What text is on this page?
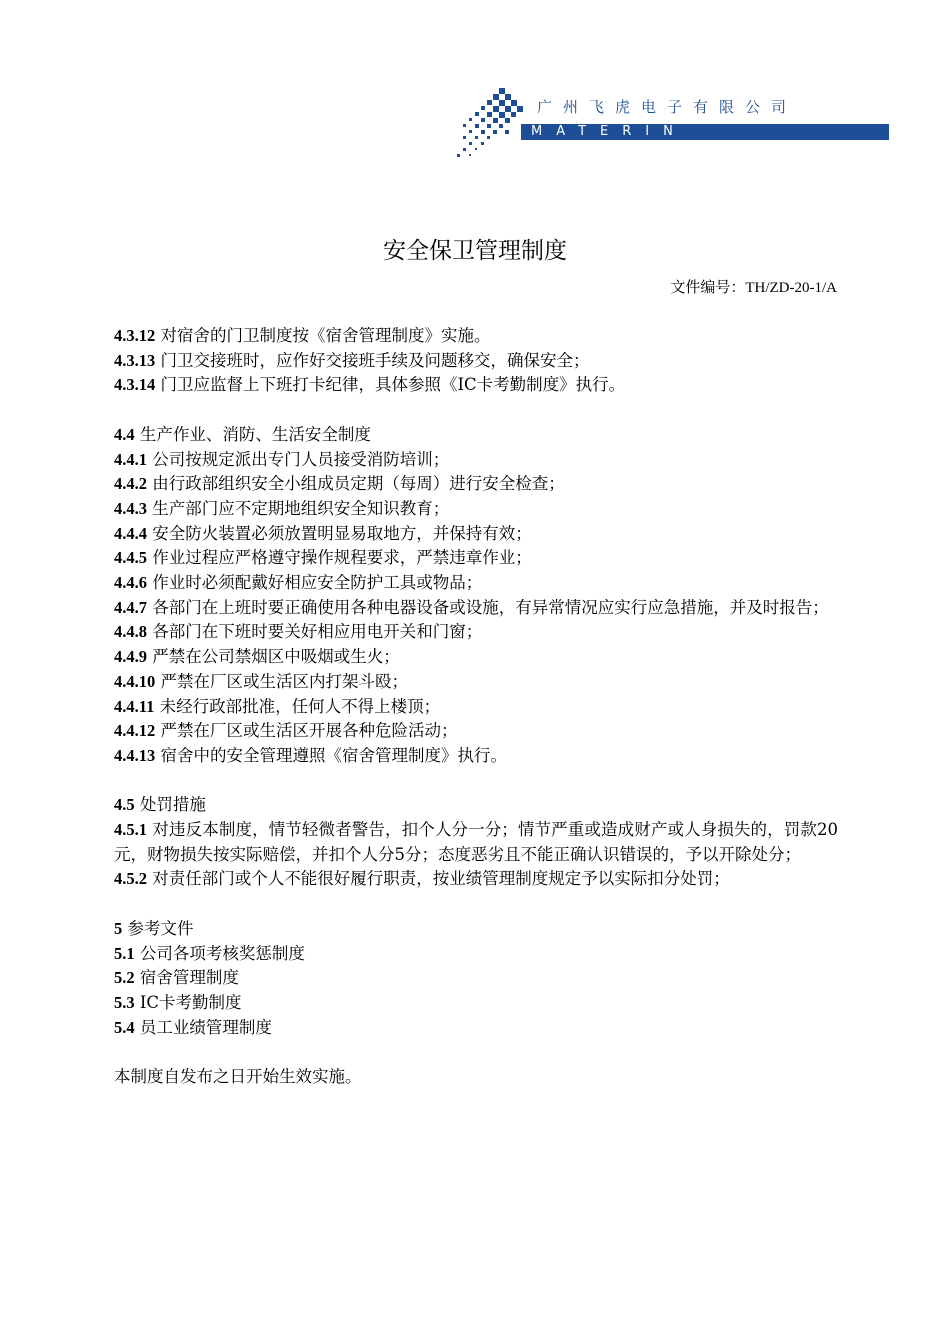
广州飞虎电子有限公司
MATERIN
安全保卫管理制度
文件编号：TH/ZD-20-1/A

4.3.12 对宿舍的门卫制度按《宿舍管理制度》实施。

4.3.13 门卫交接班时，应作好交接班手续及问题移交，确保安全；

4.3.14 门卫应监督上下班打卡纪律，具体参照《IC卡考勤制度》执行。

4.4 生产作业、消防、生活安全制度

4.4.1 公司按规定派出专门人员接受消防培训；

4.4.2 由行政部组织安全小组成员定期（每周）进行安全检查；

4.4.3 生产部门应不定期地组织安全知识教育；

4.4.4 安全防火装置必须放置明显易取地方，并保持有效；

4.4.5 作业过程应严格遵守操作规程要求，严禁违章作业；

4.4.6 作业时必须配戴好相应安全防护工具或物品；

4.4.7 各部门在上班时要正确使用各种电器设备或设施，有异常情况应实行应急措施，并及时报告；

4.4.8 各部门在下班时要关好相应用电开关和门窗；

4.4.9 严禁在公司禁烟区中吸烟或生火；

4.4.10 严禁在厂区或生活区内打架斗殴；

4.4.11 未经行政部批准，任何人不得上楼顶；

4.4.12 严禁在厂区或生活区开展各种危险活动；

4.4.13 宿舍中的安全管理遵照《宿舍管理制度》执行。

4.5 处罚措施

4.5.1 对违反本制度，情节轻微者警告，扣个人分一分；情节严重或造成财产或人身损失的，罚款20元，财物损失按实际赔偿，并扣个人分5分；态度恶劣且不能正确认识错误的，予以开除处分；

4.5.2 对责任部门或个人不能很好履行职责，按业绩管理制度规定予以实际扣分处罚；

5 参考文件

5.1 公司各项考核奖惩制度

5.2 宿舍管理制度

5.3 IC卡考勤制度

5.4 员工业绩管理制度

本制度自发布之日开始生效实施。
